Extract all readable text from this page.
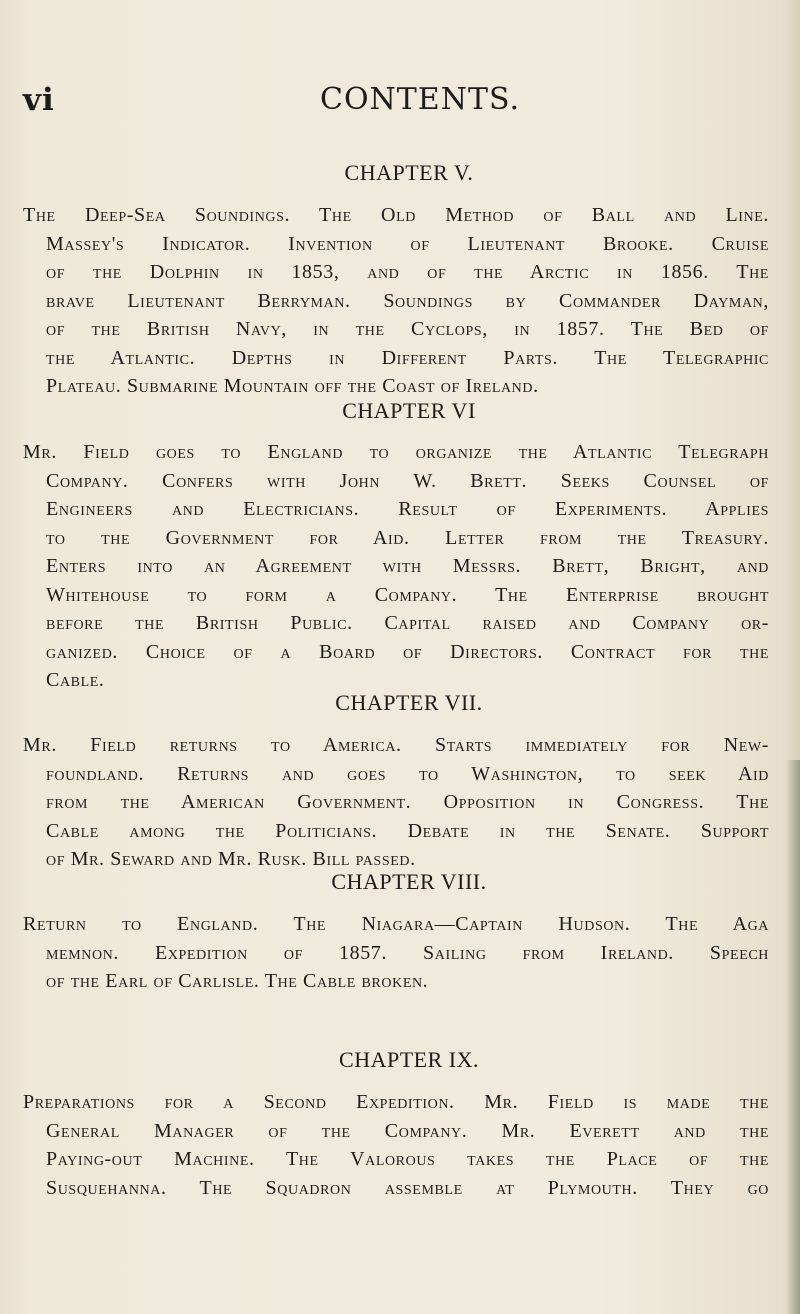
vi	CONTENTS.
CHAPTER V.
The Deep-Sea Soundings. The Old Method of Ball and Line.
Massey's Indicator. Invention of Lieutenant Brooke. Cruise
of the Dolphin in 1853, and of the Arctic in 1856. The
brave Lieutenant Berryman. Soundings by Commander Dayman,
of the British Navy, in the Cyclops, in 1857. The Bed of
the Atlantic. Depths in Different Parts. The Telegraphic
Plateau. Submarine Mountain off the Coast of Ireland.
CHAPTER VI
Mr. Field goes to England to organize the Atlantic Telegraph
Company. Confers with John W. Brett. Seeks Counsel of
Engineers and Electricians. Result of Experiments. Applies
to the Government for Aid. Letter from the Treasury.
Enters into an Agreement with Messrs. Brett, Bright, and
Whitehouse to form a Company. The Enterprise brought
before the British Public. Capital raised and Company or-
ganized. Choice of a Board of Directors. Contract for the
Cable.
CHAPTER VII.
Mr. Field returns to America. Starts immediately for New-
foundland. Returns and goes to Washington, to seek Aid
from the American Government. Opposition in Congress. The
Cable among the Politicians. Debate in the Senate. Support
of Mr. Seward and Mr. Rusk. Bill passed.
CHAPTER VIII.
Return to England. The Niagara—Captain Hudson. The Aga
memnon. Expedition of 1857. Sailing from Ireland. Speech
of the Earl of Carlisle. The Cable broken.
CHAPTER IX.
Preparations for a Second Expedition. Mr. Field is made the
General Manager of the Company. Mr. Everett and the
Paying-out Machine. The Valorous takes the Place of the
Susquehanna. The Squadron assemble at Plymouth. They go
